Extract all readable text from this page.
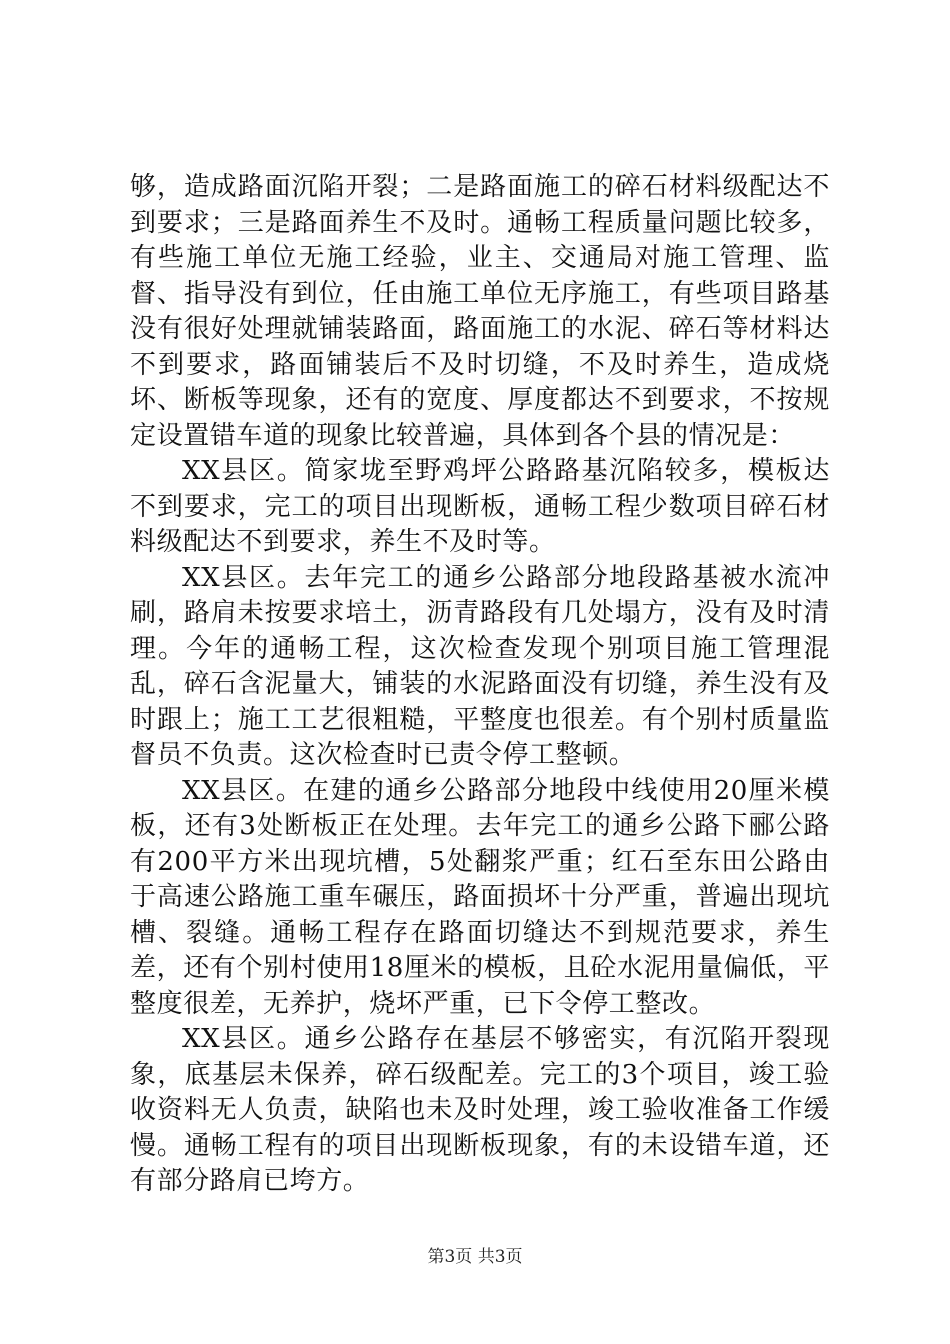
够，造成路面沉陷开裂；二是路面施工的碎石材料级配达不到要求；三是路面养生不及时。通畅工程质量问题比较多，有些施工单位无施工经验，业主、交通局对施工管理、监督、指导没有到位，任由施工单位无序施工，有些项目路基没有很好处理就铺装路面，路面施工的水泥、碎石等材料达不到要求，路面铺装后不及时切缝，不及时养生，造成烧坏、断板等现象，还有的宽度、厚度都达不到要求，不按规定设置错车道的现象比较普遍，具体到各个县的情况是：

XX县区。简家垅至野鸡坪公路路基沉陷较多，模板达不到要求，完工的项目出现断板，通畅工程少数项目碎石材料级配达不到要求，养生不及时等。

XX县区。去年完工的通乡公路部分地段路基被水流冲刷，路肩未按要求培土，沥青路段有几处塌方，没有及时清理。今年的通畅工程，这次检查发现个别项目施工管理混乱，碎石含泥量大，铺装的水泥路面没有切缝，养生没有及时跟上；施工工艺很粗糙，平整度也很差。有个别村质量监督员不负责。这次检查时已责令停工整顿。

XX县区。在建的通乡公路部分地段中线使用20厘米模板，还有3处断板正在处理。去年完工的通乡公路下郦公路有200平方米出现坑槽，5处翻浆严重；红石至东田公路由于高速公路施工重车碾压，路面损坏十分严重，普遍出现坑槽、裂缝。通畅工程存在路面切缝达不到规范要求，养生差，还有个别村使用18厘米的模板，且砼水泥用量偏低，平整度很差，无养护，烧坏严重，已下令停工整改。

XX县区。通乡公路存在基层不够密实，有沉陷开裂现象，底基层未保养，碎石级配差。完工的3个项目，竣工验收资料无人负责，缺陷也未及时处理，竣工验收准备工作缓慢。通畅工程有的项目出现断板现象，有的未设错车道，还有部分路肩已垮方。

第3页 共3页
